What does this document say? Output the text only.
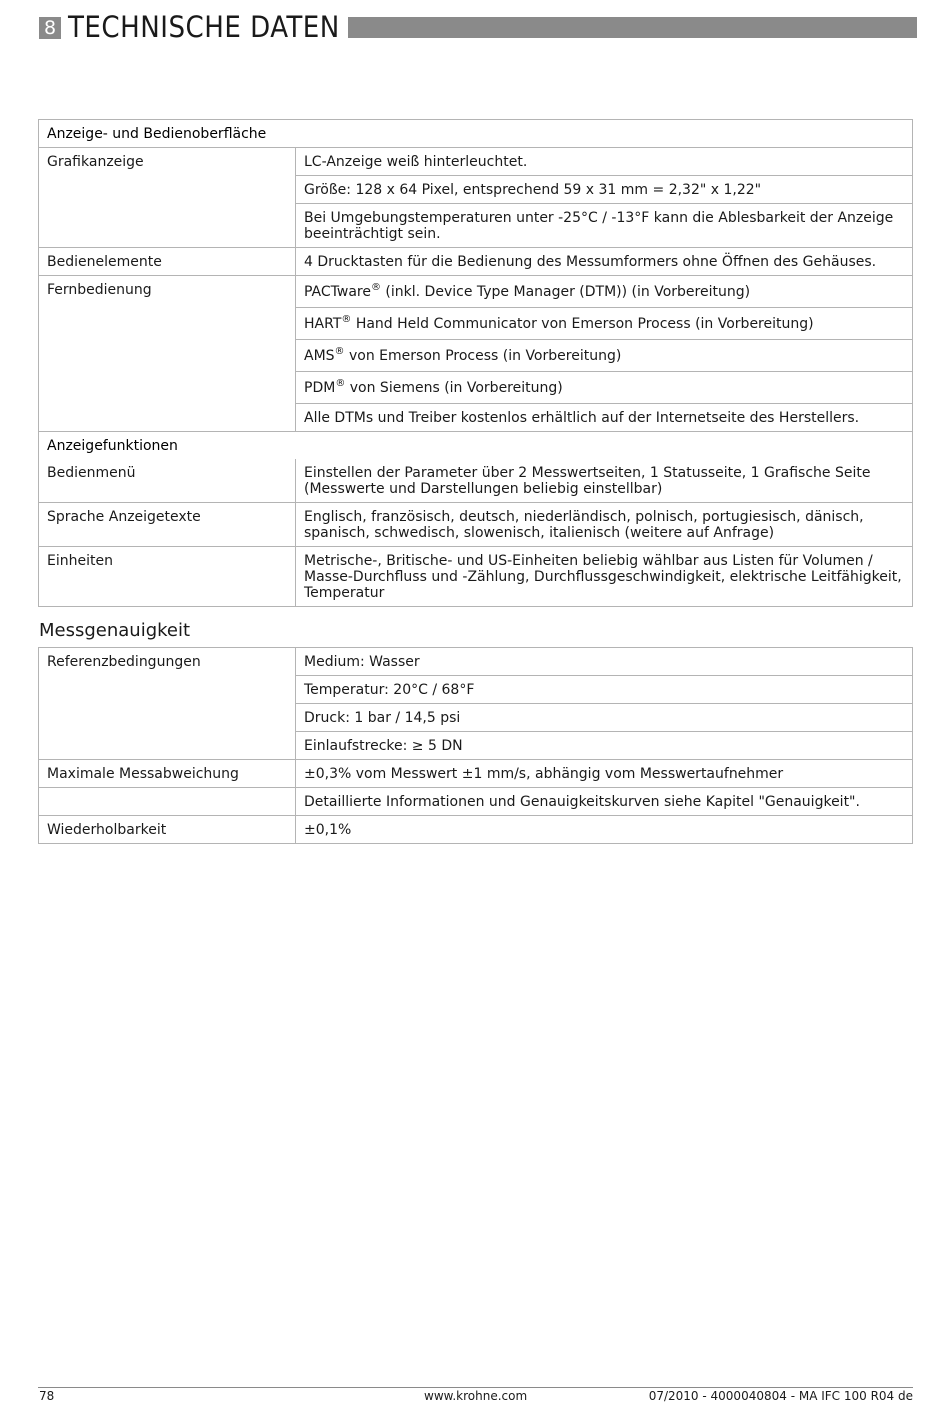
8 TECHNISCHE DATEN	IFC 100
Anzeige- und Bedienoberfläche	
Grafikanzeige	LC-Anzeige weiß hinterleuchtet.
	Größe: 128 x 64 Pixel, entsprechend 59 x 31 mm = 2,32" x 1,22"
	Bei Umgebungstemperaturen unter -25°C / -13°F kann die Ablesbarkeit der Anzeige beeinträchtigt sein.
Bedienelemente	4 Drucktasten für die Bedienung des Messumformers ohne Öffnen des Gehäuses.
Fernbedienung	PACTware® (inkl. Device Type Manager (DTM)) (in Vorbereitung)
	HART® Hand Held Communicator von Emerson Process (in Vorbereitung)
	AMS® von Emerson Process (in Vorbereitung)
	PDM® von Siemens (in Vorbereitung)
	Alle DTMs und Treiber kostenlos erhältlich auf der Internetseite des Herstellers.
Anzeigefunktionen	
Bedienmenü	Einstellen der Parameter über 2 Messwertseiten, 1 Statusseite, 1 Grafische Seite (Messwerte und Darstellungen beliebig einstellbar)
Sprache Anzeigetexte	Englisch, französisch, deutsch, niederländisch, polnisch, portugiesisch, dänisch, spanisch, schwedisch, slowenisch, italienisch (weitere auf Anfrage)
Einheiten	Metrische-, Britische- und US-Einheiten beliebig wählbar aus Listen für Volumen / Masse-Durchfluss und -Zählung, Durchflussgeschwindigkeit, elektrische Leitfähigkeit, Temperatur
Messgenauigkeit
Referenzbedingungen	Medium: Wasser
	Temperatur: 20°C / 68°F
	Druck: 1 bar / 14,5 psi
	Einlaufstrecke: ≥ 5 DN
Maximale Messabweichung	±0,3% vom Messwert ±1 mm/s, abhängig vom Messwertaufnehmer
	Detaillierte Informationen und Genauigkeitskurven siehe Kapitel "Genauigkeit".
Wiederholbarkeit	±0,1%
78	www.krohne.com	07/2010 - 4000040804 - MA IFC 100 R04 de
